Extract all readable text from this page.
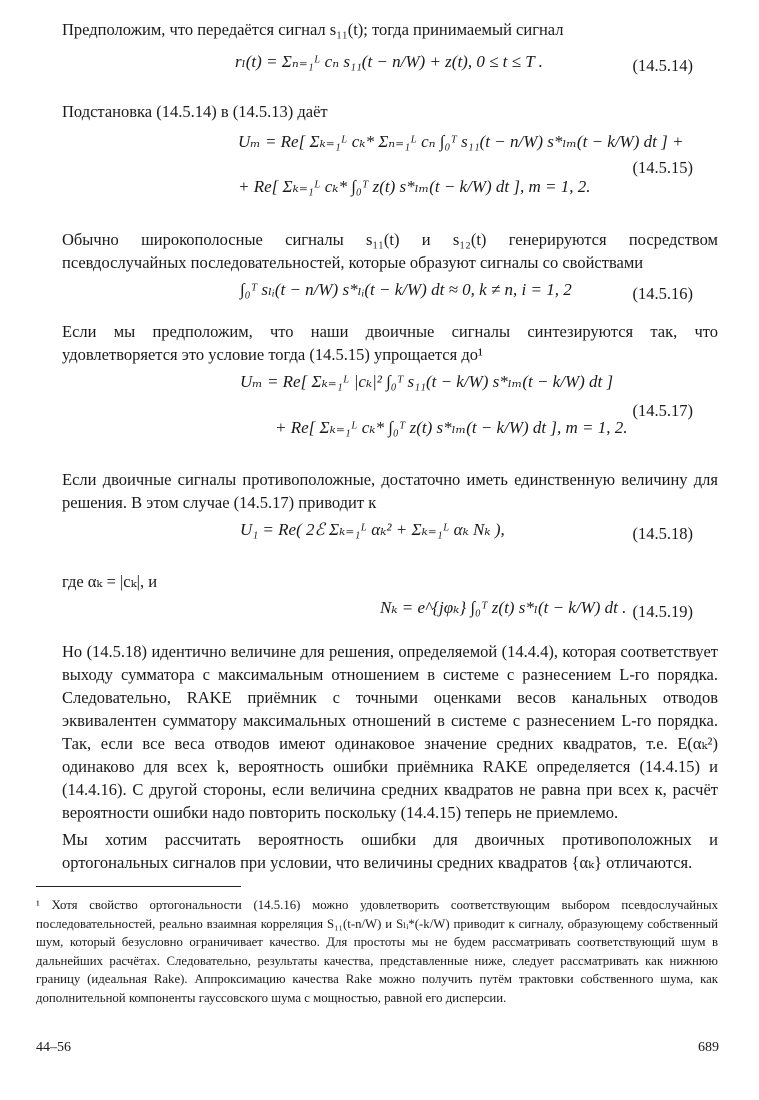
Предположим, что передаётся сигнал s₁₁(t); тогда принимаемый сигнал

rₗ(t) = Σₙ₌₁ᴸ cₙ s₁₁(t − n/W) + z(t), 0 ≤ t ≤ T .	(14.5.14)

Подстановка (14.5.14) в (14.5.13) даёт

Uₘ = Re[ Σₖ₌₁ᴸ cₖ* Σₙ₌₁ᴸ cₙ ∫₀ᵀ s₁₁(t − n/W) s*ₗₘ(t − k/W) dt ] +
+ Re[ Σₖ₌₁ᴸ cₖ* ∫₀ᵀ z(t) s*ₗₘ(t − k/W) dt ], m = 1, 2.
(14.5.15)

Обычно широкополосные сигналы s₁₁(t) и s₁₂(t) генерируются посредством псевдослучайных последовательностей, которые образуют сигналы со свойствами

∫₀ᵀ sₗᵢ(t − n/W) s*ₗᵢ(t − k/W) dt ≈ 0, k ≠ n, i = 1, 2	(14.5.16)

Если мы предположим, что наши двоичные сигналы синтезируются так, что удовлетворяется это условие тогда (14.5.15) упрощается до¹

Uₘ = Re[ Σₖ₌₁ᴸ |cₖ|² ∫₀ᵀ s₁₁(t − k/W) s*ₗₘ(t − k/W) dt ]
+ Re[ Σₖ₌₁ᴸ cₖ* ∫₀ᵀ z(t) s*ₗₘ(t − k/W) dt ], m = 1, 2.
(14.5.17)

Если двоичные сигналы противоположные, достаточно иметь единственную величину для решения. В этом случае (14.5.17) приводит к

U₁ = Re( 2ℰ Σₖ₌₁ᴸ αₖ² + Σₖ₌₁ᴸ αₖ Nₖ ),	(14.5.18)

где αₖ = |cₖ|, и

Nₖ = e^{jφₖ} ∫₀ᵀ z(t) s*ₗ(t − k/W) dt . (14.5.19)

Но (14.5.18) идентично величине для решения, определяемой (14.4.4), которая соответствует выходу сумматора с максимальным отношением в системе с разнесением L-го порядка. Следовательно, RAKE приёмник с точными оценками весов канальных отводов эквивалентен сумматору максимальных отношений в системе с разнесением L-го порядка. Так, если все веса отводов имеют одинаковое значение средних квадратов, т.е. E(αₖ²) одинаково для всех k, вероятность ошибки приёмника RAKE определяется (14.4.15) и (14.4.16). С другой стороны, если величина средних квадратов не равна при всех к, расчёт вероятности ошибки надо повторить поскольку (14.4.15) теперь не приемлемо.

Мы хотим рассчитать вероятность ошибки для двоичных противоположных и ортогональных сигналов при условии, что величины средних квадратов {αₖ} отличаются.

¹ Хотя свойство ортогональности (14.5.16) можно удовлетворить соответствующим выбором псевдослучайных последовательностей, реально взаимная корреляция S₁₁(t-n/W) и Sₗᵢ*(-k/W) приводит к сигналу, образующему собственный шум, который безусловно ограничивает качество. Для простоты мы не будем рассматривать соответствующий шум в дальнейших расчётах. Следовательно, результаты качества, представленные ниже, следует рассматривать как нижнюю границу (идеальная Rake). Аппроксимацию качества Rake можно получить путём трактовки собственного шума, как дополнительной компоненты гауссовского шума с мощностью, равной его дисперсии.

44–56	689
